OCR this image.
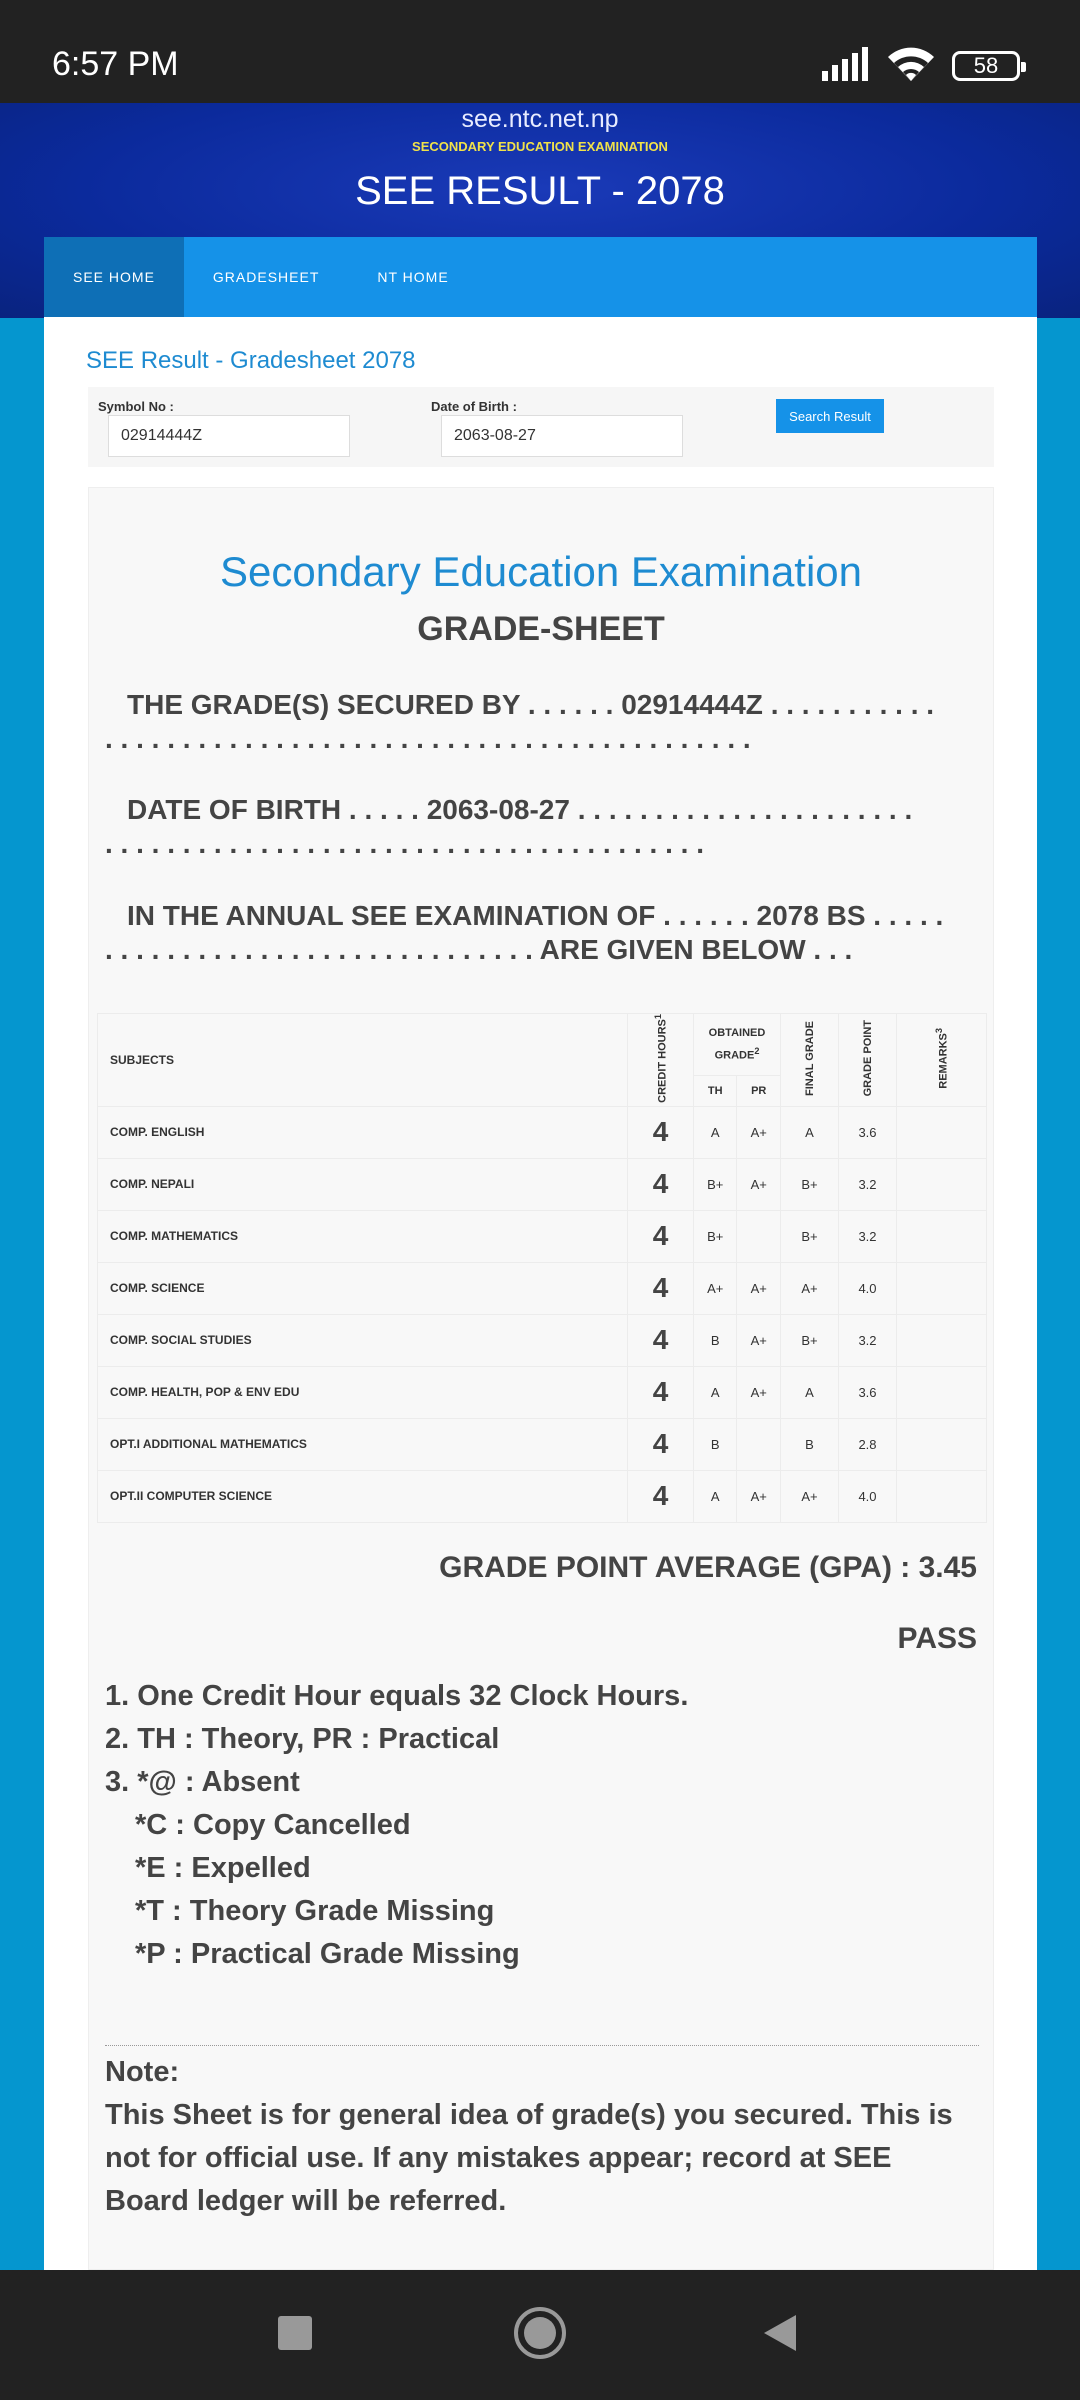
6:57 PM	58
see.ntc.net.np
SECONDARY EDUCATION EXAMINATION
SEE RESULT - 2078
SEE HOME	GRADESHEET	NT HOME
SEE Result - Gradesheet 2078
Symbol No :
02914444Z	Date of Birth :
2063-08-27
Search Result
Secondary Education Examination
GRADE-SHEET
THE GRADE(S) SECURED BY . . . . . . 02914444Z . . . . . . . . . . .
. . . . . . . . . . . . . . . . . . . . . . . . . . . . . . . . . . . . . . . . . .
DATE OF BIRTH . . . . . 2063-08-27 . . . . . . . . . . . . . . . . . . . . . .
. . . . . . . . . . . . . . . . . . . . . . . . . . . . . . . . . . . . . . .
IN THE ANNUAL SEE EXAMINATION OF . . . . . . 2078 BS . . . . .
. . . . . . . . . . . . . . . . . . . . . . . . . . . . ARE GIVEN BELOW . . .
SUBJECTS	CREDIT HOURS$^1$	OBTAINED GRADE$^2$		FINAL GRADE	GRADE POINT	REMARKS$^3$
		TH	PR			
COMP. ENGLISH	4	A	A+	A	3.6	
COMP. NEPALI	4	B+	A+	B+	3.2	
COMP. MATHEMATICS	4	B+		B+	3.2	
COMP. SCIENCE	4	A+	A+	A+	4.0	
COMP. SOCIAL STUDIES	4	B	A+	B+	3.2	
COMP. HEALTH, POP & ENV EDU	4	A	A+	A	3.6	
OPT.I ADDITIONAL MATHEMATICS	4	B		B	2.8	
OPT.II COMPUTER SCIENCE	4	A	A+	A+	4.0	
GRADE POINT AVERAGE (GPA) : 3.45
PASS
1. One Credit Hour equals 32 Clock Hours.
2. TH : Theory, PR : Practical
3. *@ : Absent
*C : Copy Cancelled
*E : Expelled
*T : Theory Grade Missing
*P : Practical Grade Missing
Note:
This Sheet is for general idea of grade(s) you secured. This is not for official use. If any mistakes appear; record at SEE Board ledger will be referred.
